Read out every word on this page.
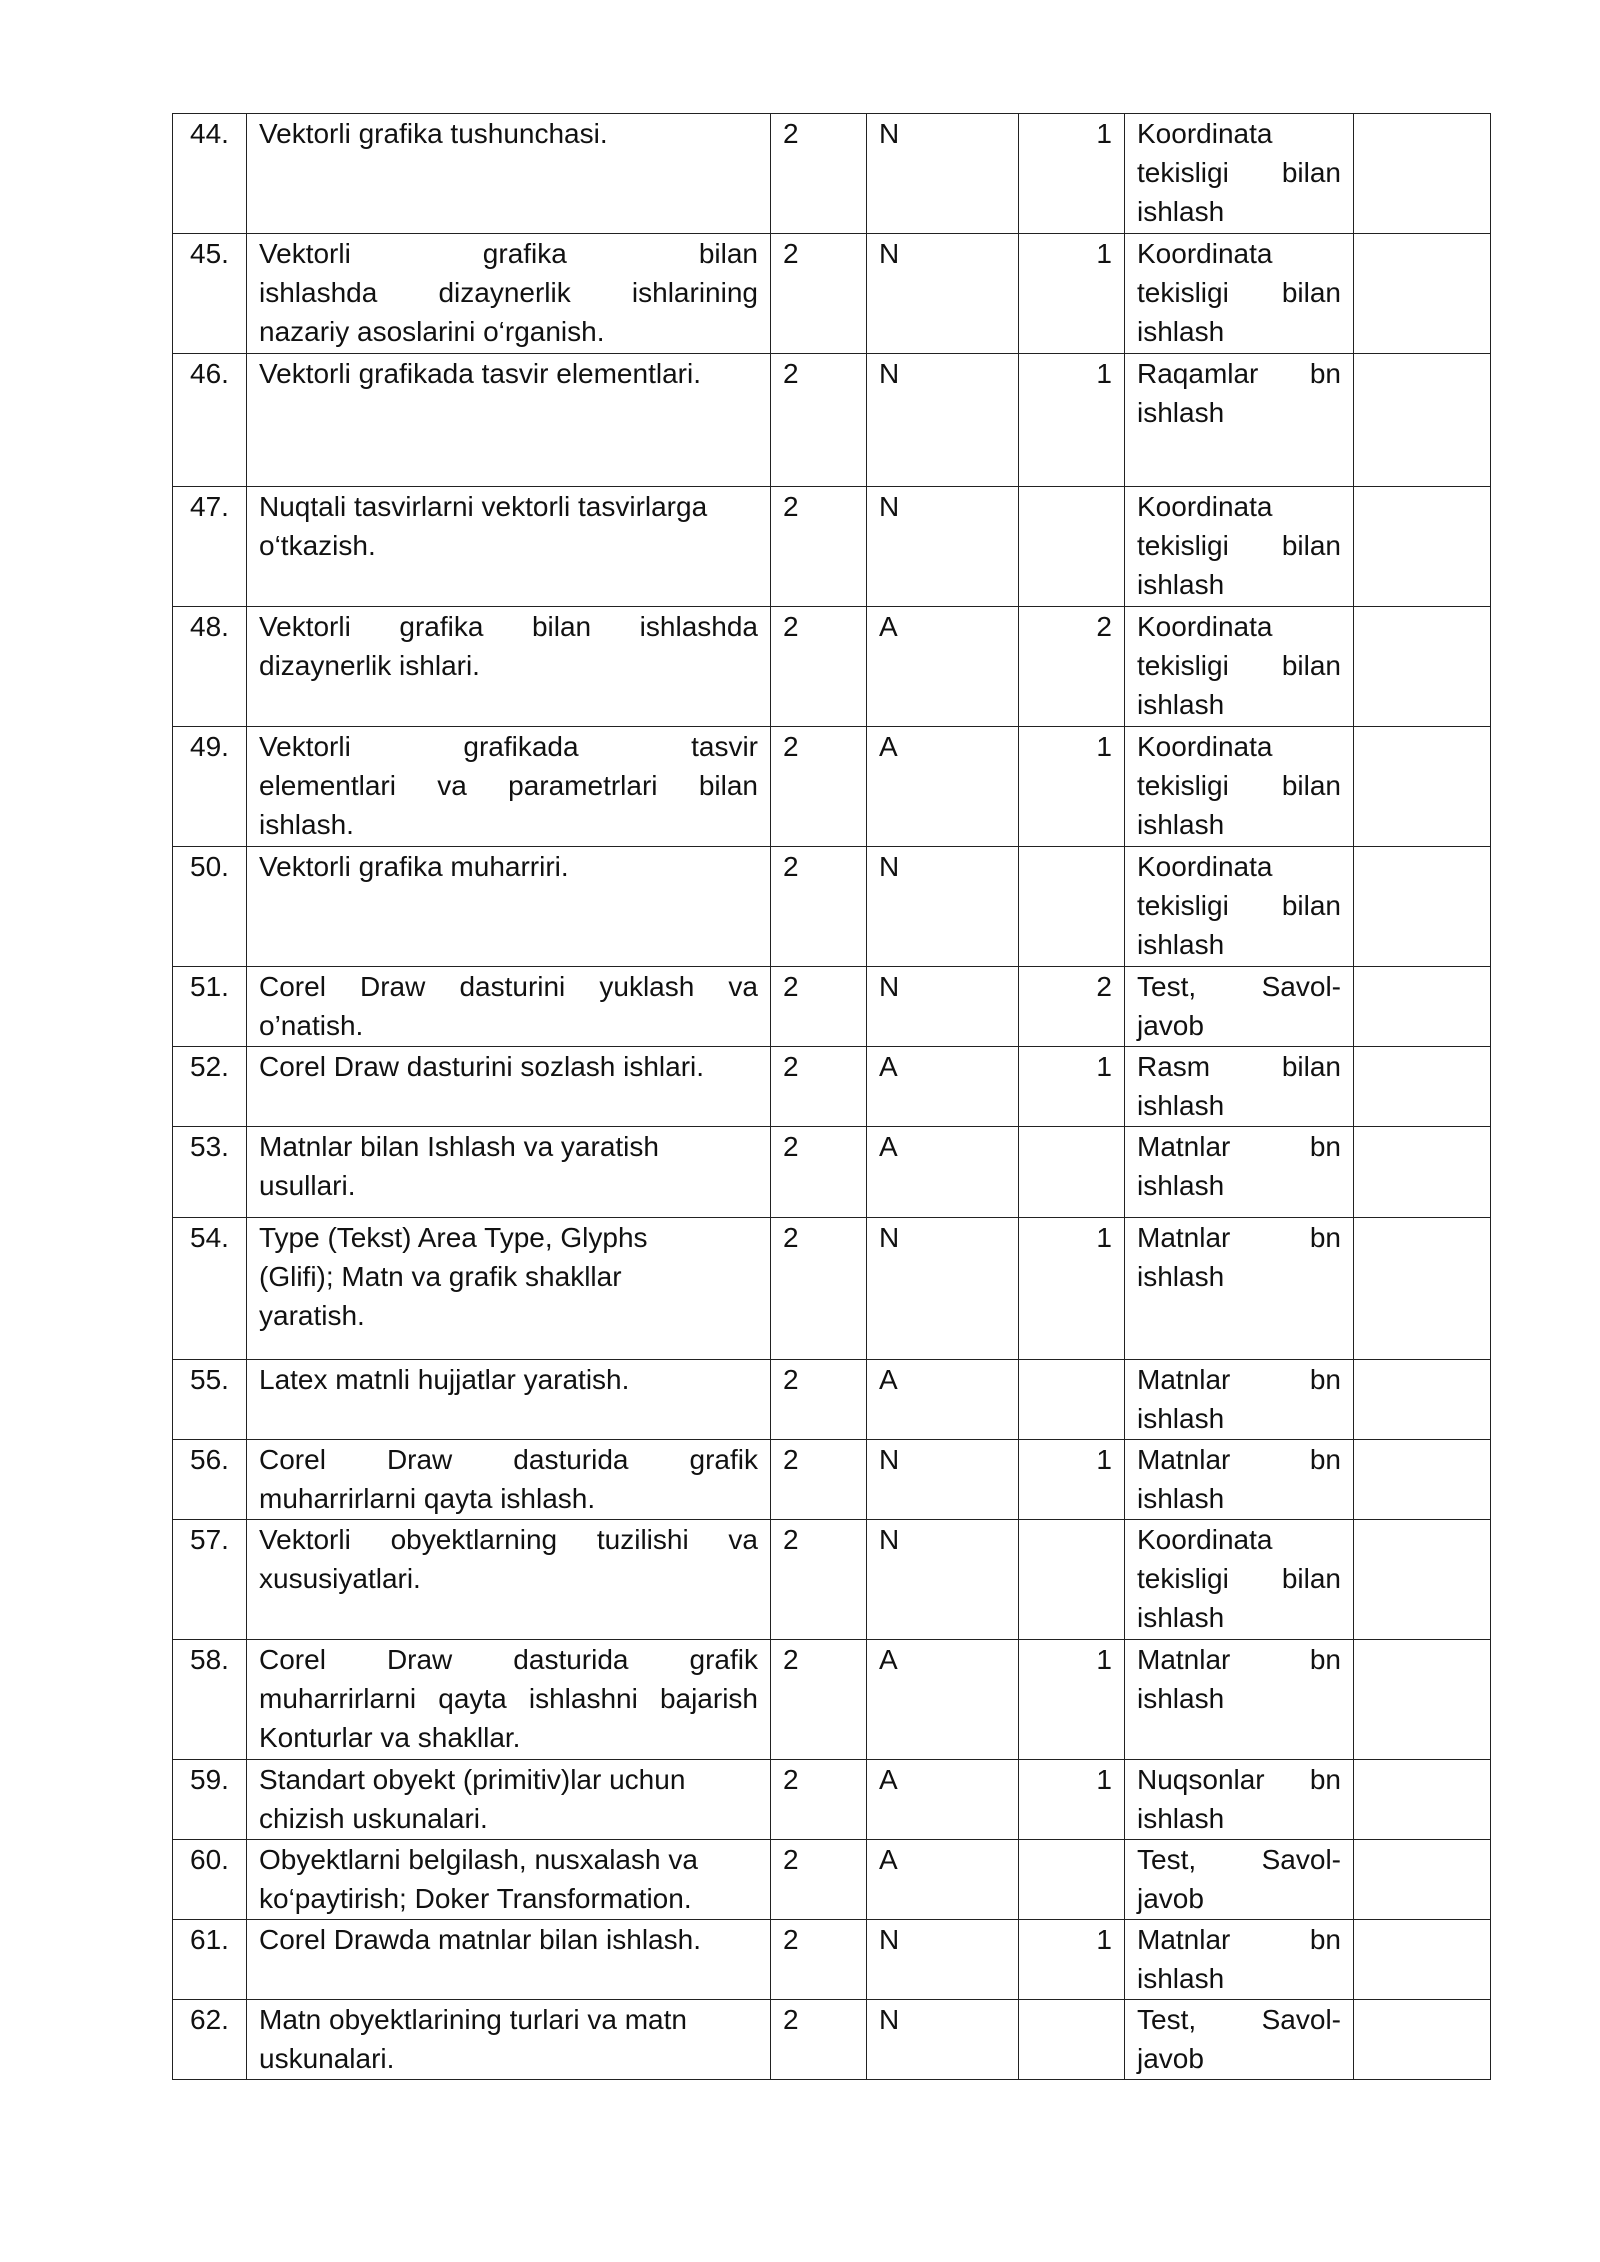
44.	Vektorli grafika tushunchasi.	2	N	1	Koordinata
tekisligi bilan
ishlash	

45.	Vektorli grafika bilan
ishlashda dizaynerlik ishlarining
nazariy asoslarini o‘rganish.	2	N	1	Koordinata
tekisligi bilan
ishlash	

46.	Vektorli grafikada tasvir elementlari.	2	N	1	Raqamlar bn
ishlash	

47.	Nuqtali tasvirlarni vektorli tasvirlarga
o‘tkazish.	2	N		Koordinata
tekisligi bilan
ishlash	

48.	Vektorli grafika bilan ishlashda
dizaynerlik ishlari.	2	A	2	Koordinata
tekisligi bilan
ishlash	

49.	Vektorli grafikada tasvir
elementlari va parametrlari bilan
ishlash.	2	A	1	Koordinata
tekisligi bilan
ishlash	

50.	Vektorli grafika muharriri.	2	N		Koordinata
tekisligi bilan
ishlash	

51.	Corel Draw dasturini yuklash va
o’natish.	2	N	2	Test, Savol-
javob	

52.	Corel Draw dasturini sozlash ishlari.	2	A	1	Rasm bilan
ishlash	

53.	Matnlar bilan Ishlash va yaratish
usullari.	2	A		Matnlar bn
ishlash	

54.	Type (Tekst) Area Type, Glyphs
(Glifi); Matn va grafik shakllar
yaratish.	2	N	1	Matnlar bn
ishlash	

55.	Latex matnli hujjatlar yaratish.	2	A		Matnlar bn
ishlash	

56.	Corel Draw dasturida grafik
muharrirlarni qayta ishlash.	2	N	1	Matnlar bn
ishlash	

57.	Vektorli obyektlarning tuzilishi va
xususiyatlari.	2	N		Koordinata
tekisligi bilan
ishlash	

58.	Corel Draw dasturida grafik
muharrirlarni qayta ishlashni bajarish
Konturlar va shakllar.	2	A	1	Matnlar bn
ishlash	

59.	Standart obyekt (primitiv)lar uchun
chizish uskunalari.	2	A	1	Nuqsonlar bn
ishlash	

60.	Obyektlarni belgilash, nusxalash va
ko‘paytirish; Doker Transformation.	2	A		Test, Savol-
javob	

61.	Corel Drawda matnlar bilan ishlash.	2	N	1	Matnlar bn
ishlash	

62.	Matn obyektlarining turlari va matn
uskunalari.	2	N		Test, Savol-
javob	
